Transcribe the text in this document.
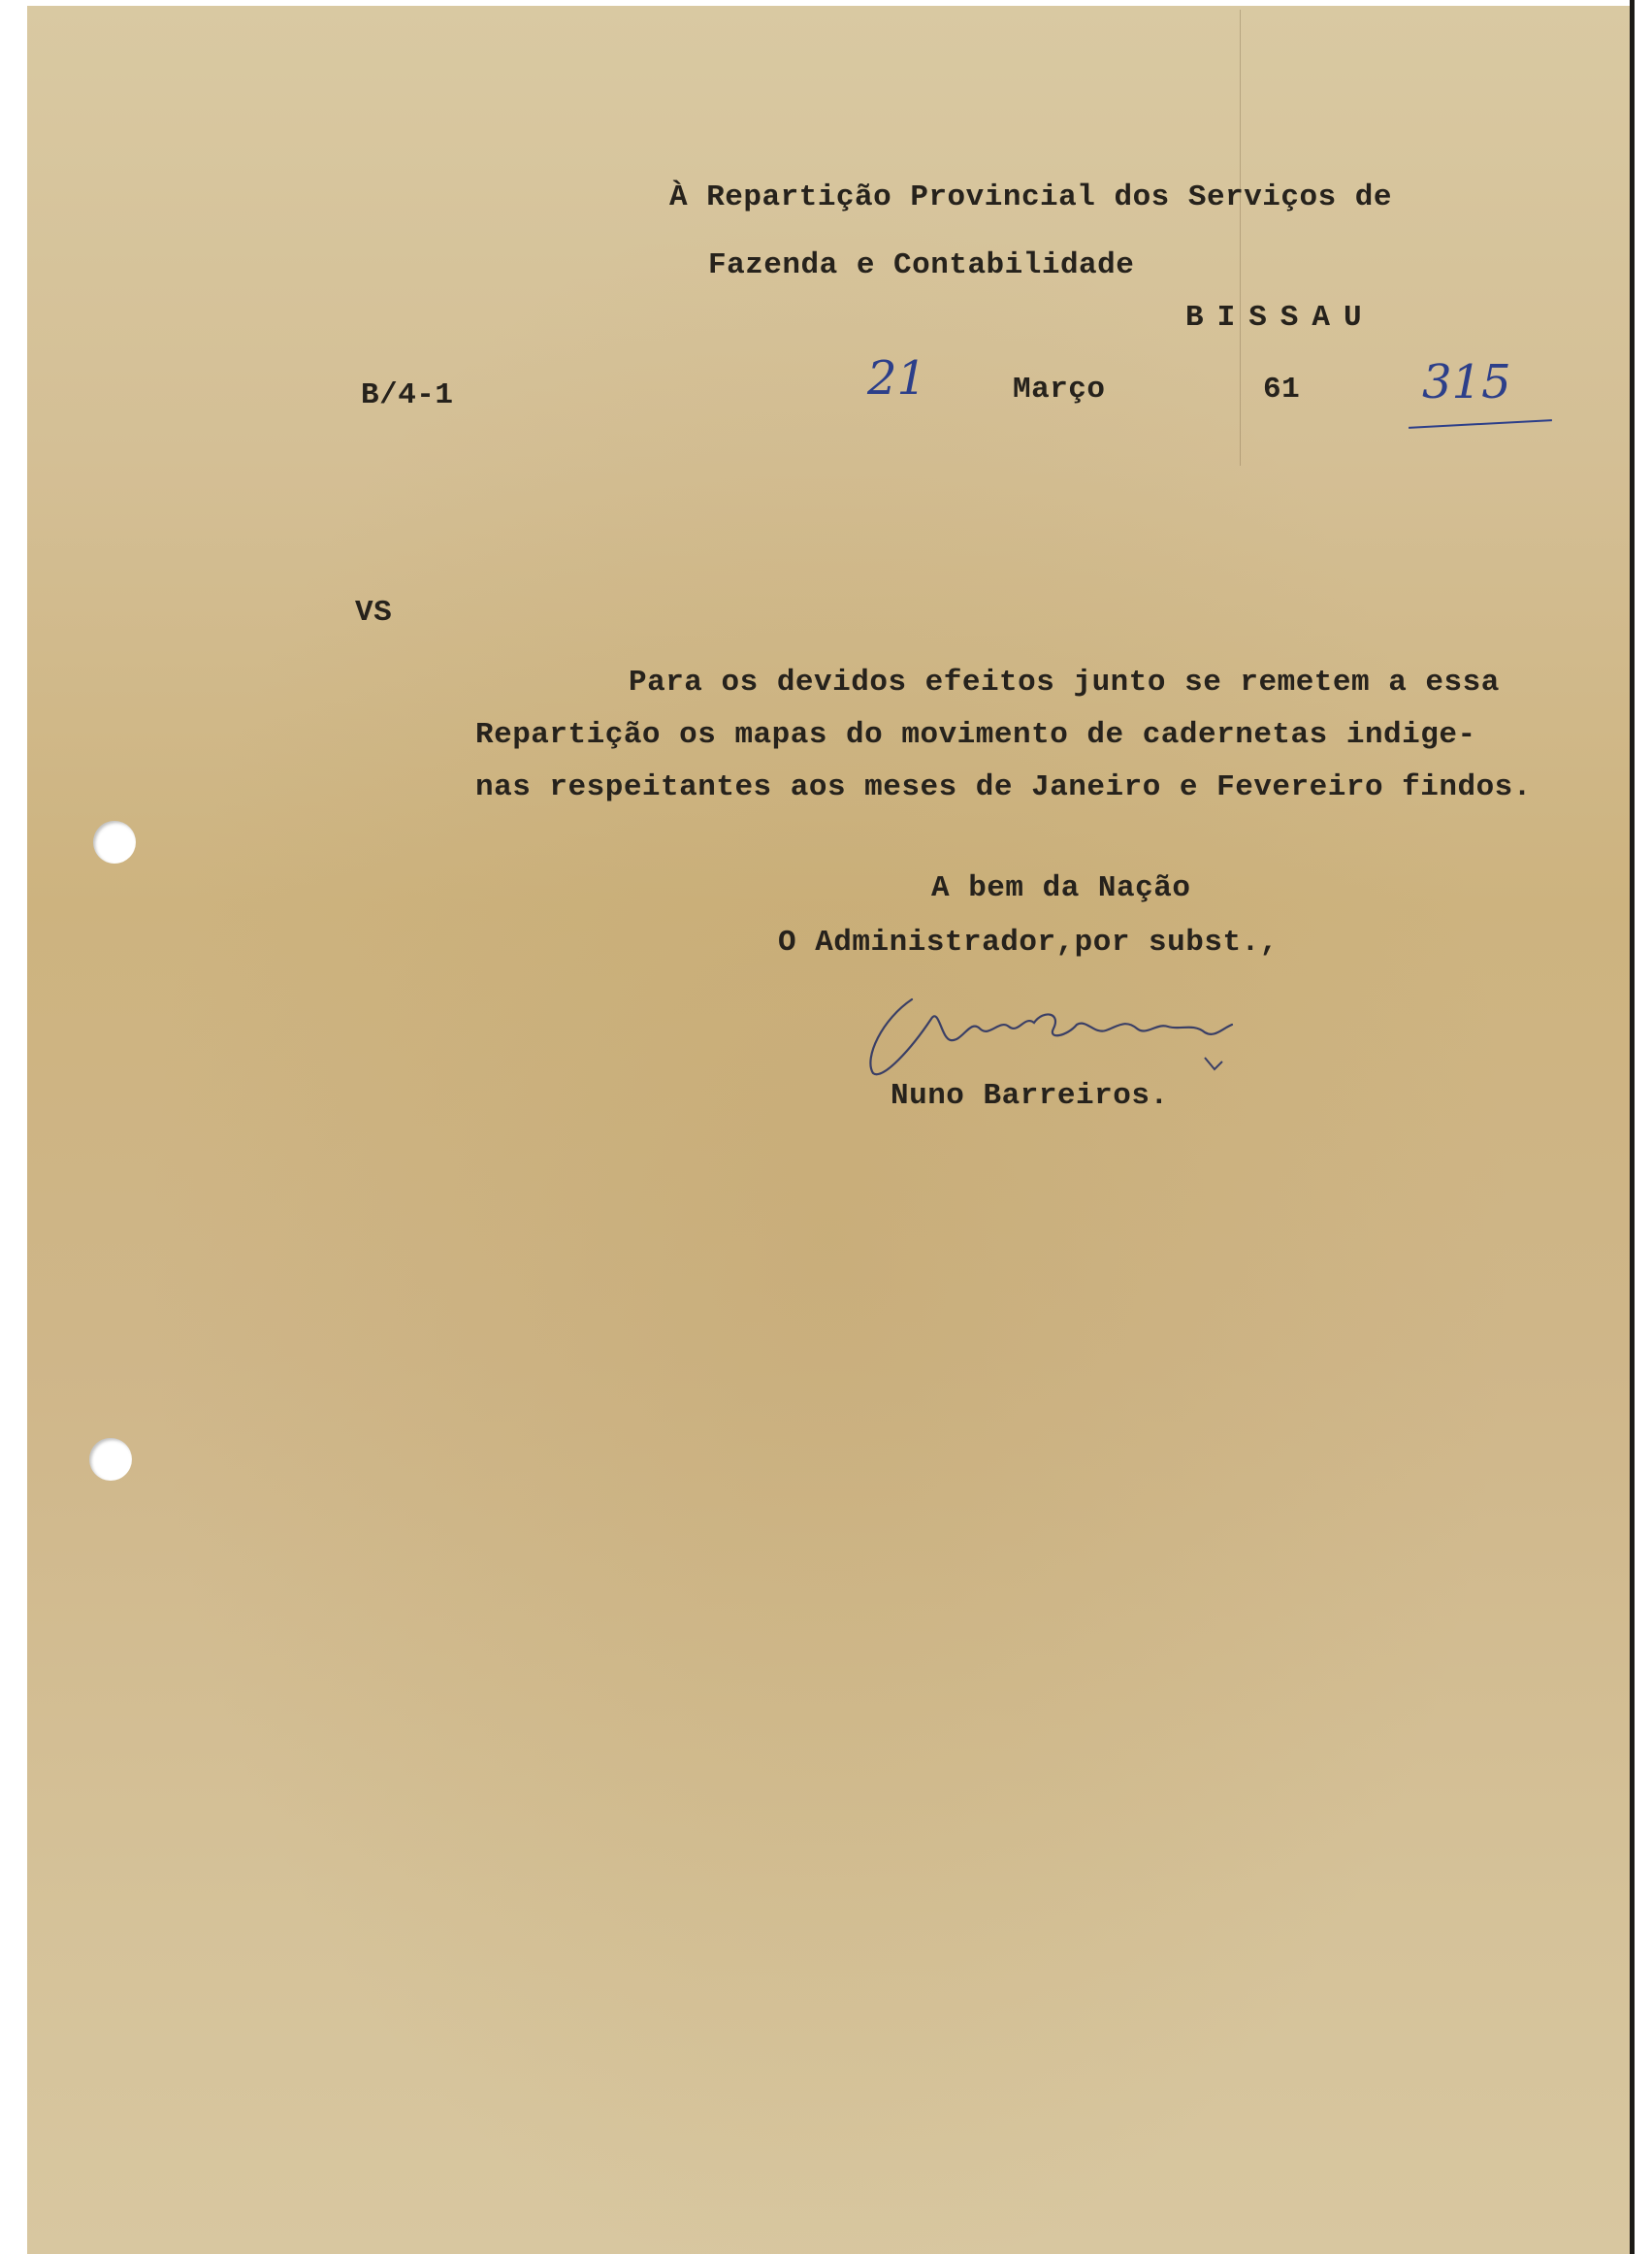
À Repartição Provincial dos Serviços de
Fazenda e Contabilidade
BISSAU
B/4-1	21	Março	61	315
VS
Para os devidos efeitos junto se remetem a essa
Repartição os mapas do movimento de cadernetas indige-
nas respeitantes aos meses de Janeiro e Fevereiro findos.
A bem da Nação
O Administrador,por subst.,
Nuno Barreiros.
